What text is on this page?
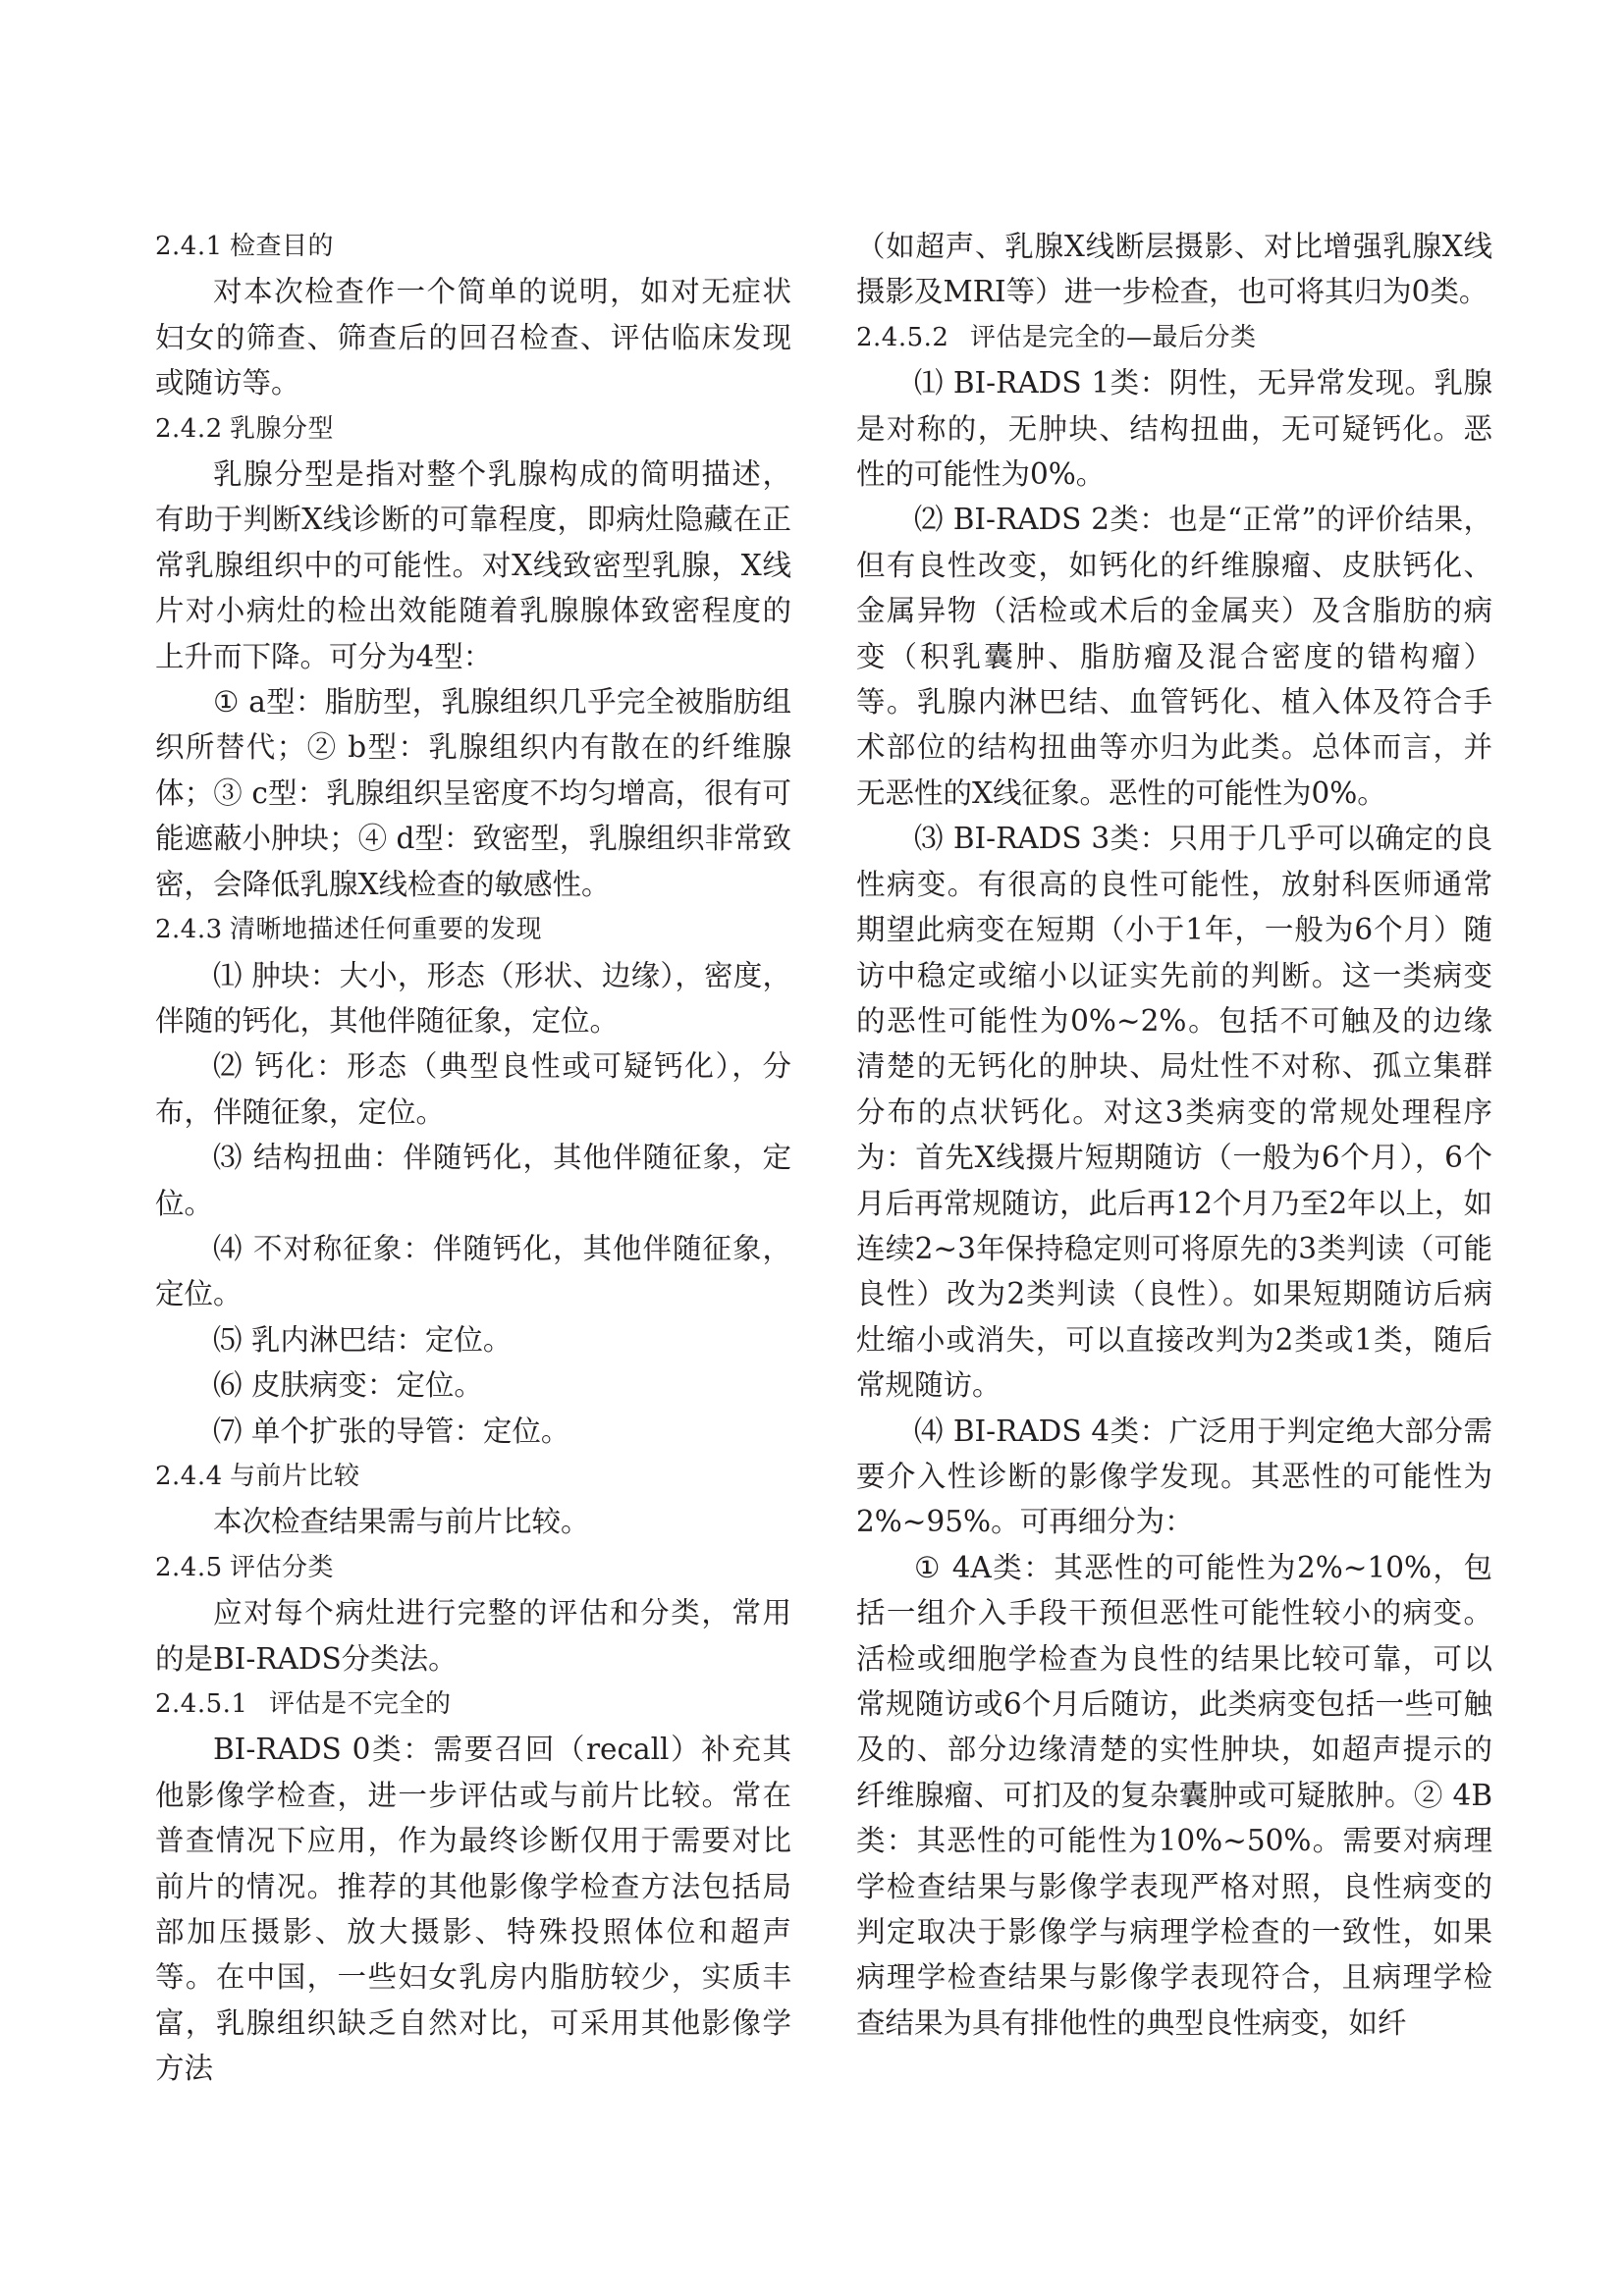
2.4.1 检查目的

对本次检查作一个简单的说明，如对无症状妇女的筛查、筛查后的回召检查、评估临床发现或随访等。

2.4.2 乳腺分型

乳腺分型是指对整个乳腺构成的简明描述，有助于判断X线诊断的可靠程度，即病灶隐藏在正常乳腺组织中的可能性。对X线致密型乳腺，X线片对小病灶的检出效能随着乳腺腺体致密程度的上升而下降。可分为4型：

① a型：脂肪型，乳腺组织几乎完全被脂肪组织所替代；② b型：乳腺组织内有散在的纤维腺体；③ c型：乳腺组织呈密度不均匀增高，很有可能遮蔽小肿块；④ d型：致密型，乳腺组织非常致密，会降低乳腺X线检查的敏感性。

2.4.3 清晰地描述任何重要的发现

⑴ 肿块：大小，形态（形状、边缘），密度，伴随的钙化，其他伴随征象，定位。

⑵ 钙化：形态（典型良性或可疑钙化），分布，伴随征象，定位。

⑶ 结构扭曲：伴随钙化，其他伴随征象，定位。

⑷ 不对称征象：伴随钙化，其他伴随征象，定位。

⑸ 乳内淋巴结：定位。

⑹ 皮肤病变：定位。

⑺ 单个扩张的导管：定位。

2.4.4 与前片比较

本次检查结果需与前片比较。

2.4.5 评估分类

应对每个病灶进行完整的评估和分类，常用的是BI-RADS分类法。

2.4.5.1 评估是不完全的

BI-RADS 0类：需要召回（recall）补充其他影像学检查，进一步评估或与前片比较。常在普查情况下应用，作为最终诊断仅用于需要对比前片的情况。推荐的其他影像学检查方法包括局部加压摄影、放大摄影、特殊投照体位和超声等。在中国，一些妇女乳房内脂肪较少，实质丰富，乳腺组织缺乏自然对比，可采用其他影像学方法

（如超声、乳腺X线断层摄影、对比增强乳腺X线摄影及MRI等）进一步检查，也可将其归为0类。

2.4.5.2 评估是完全的—最后分类

⑴ BI-RADS 1类：阴性，无异常发现。乳腺是对称的，无肿块、结构扭曲，无可疑钙化。恶性的可能性为0%。

⑵ BI-RADS 2类：也是“正常”的评价结果，但有良性改变，如钙化的纤维腺瘤、皮肤钙化、金属异物（活检或术后的金属夹）及含脂肪的病变（积乳囊肿、脂肪瘤及混合密度的错构瘤）等。乳腺内淋巴结、血管钙化、植入体及符合手术部位的结构扭曲等亦归为此类。总体而言，并无恶性的X线征象。恶性的可能性为0%。

⑶ BI-RADS 3类：只用于几乎可以确定的良性病变。有很高的良性可能性，放射科医师通常期望此病变在短期（小于1年，一般为6个月）随访中稳定或缩小以证实先前的判断。这一类病变的恶性可能性为0%~2%。包括不可触及的边缘清楚的无钙化的肿块、局灶性不对称、孤立集群分布的点状钙化。对这3类病变的常规处理程序为：首先X线摄片短期随访（一般为6个月），6个月后再常规随访，此后再12个月乃至2年以上，如连续2~3年保持稳定则可将原先的3类判读（可能良性）改为2类判读（良性）。如果短期随访后病灶缩小或消失，可以直接改判为2类或1类，随后常规随访。

⑷ BI-RADS 4类：广泛用于判定绝大部分需要介入性诊断的影像学发现。其恶性的可能性为2%~95%。可再细分为：

① 4A类：其恶性的可能性为2%~10%，包括一组介入手段干预但恶性可能性较小的病变。活检或细胞学检查为良性的结果比较可靠，可以常规随访或6个月后随访，此类病变包括一些可触及的、部分边缘清楚的实性肿块，如超声提示的纤维腺瘤、可扪及的复杂囊肿或可疑脓肿。② 4B类：其恶性的可能性为10%~50%。需要对病理学检查结果与影像学表现严格对照，良性病变的判定取决于影像学与病理学检查的一致性，如果病理学检查结果与影像学表现符合，且病理学检查结果为具有排他性的典型良性病变，如纤
